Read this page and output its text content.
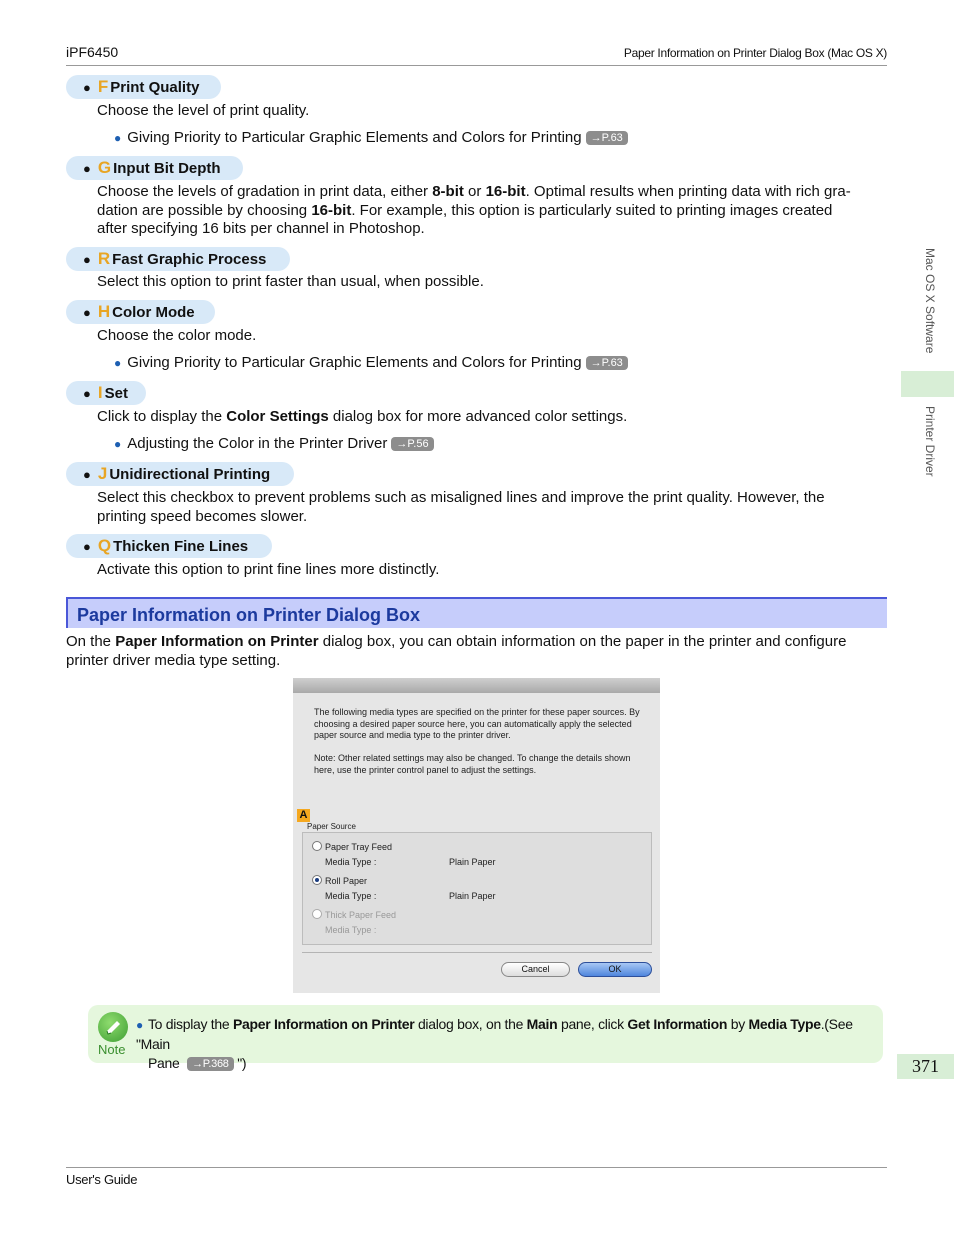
iPF6450	Paper Information on Printer Dialog Box (Mac OS X)
Mac OS X Software
Printer Driver
● F Print Quality
Choose the level of print quality.
● Giving Priority to Particular Graphic Elements and Colors for Printing →P.63
● G Input Bit Depth
Choose the levels of gradation in print data, either 8-bit or 16-bit. Optimal results when printing data with rich gra-
dation are possible by choosing 16-bit. For example, this option is particularly suited to printing images created
after specifying 16 bits per channel in Photoshop.
● R Fast Graphic Process
Select this option to print faster than usual, when possible.
● H Color Mode
Choose the color mode.
● Giving Priority to Particular Graphic Elements and Colors for Printing →P.63
● I Set
Click to display the Color Settings dialog box for more advanced color settings.
● Adjusting the Color in the Printer Driver →P.56
● J Unidirectional Printing
Select this checkbox to prevent problems such as misaligned lines and improve the print quality. However, the
printing speed becomes slower.
● Q Thicken Fine Lines
Activate this option to print fine lines more distinctly.
Paper Information on Printer Dialog Box
On the Paper Information on Printer dialog box, you can obtain information on the paper in the printer and configure
printer driver media type setting.
The following media types are specified on the printer for these paper sources. By choosing a desired paper source here, you can automatically apply the selected paper source and media type to the printer driver.
Note: Other related settings may also be changed. To change the details shown here, use the printer control panel to adjust the settings.
A
Paper Source
Paper Tray Feed
Media Type :	Plain Paper
Roll Paper
Media Type :	Plain Paper
Thick Paper Feed
Media Type :
Cancel	OK
Note
● To display the Paper Information on Printer dialog box, on the Main pane, click Get Information by Media Type.(See "Main
Pane →P.368 ")	371
User's Guide
